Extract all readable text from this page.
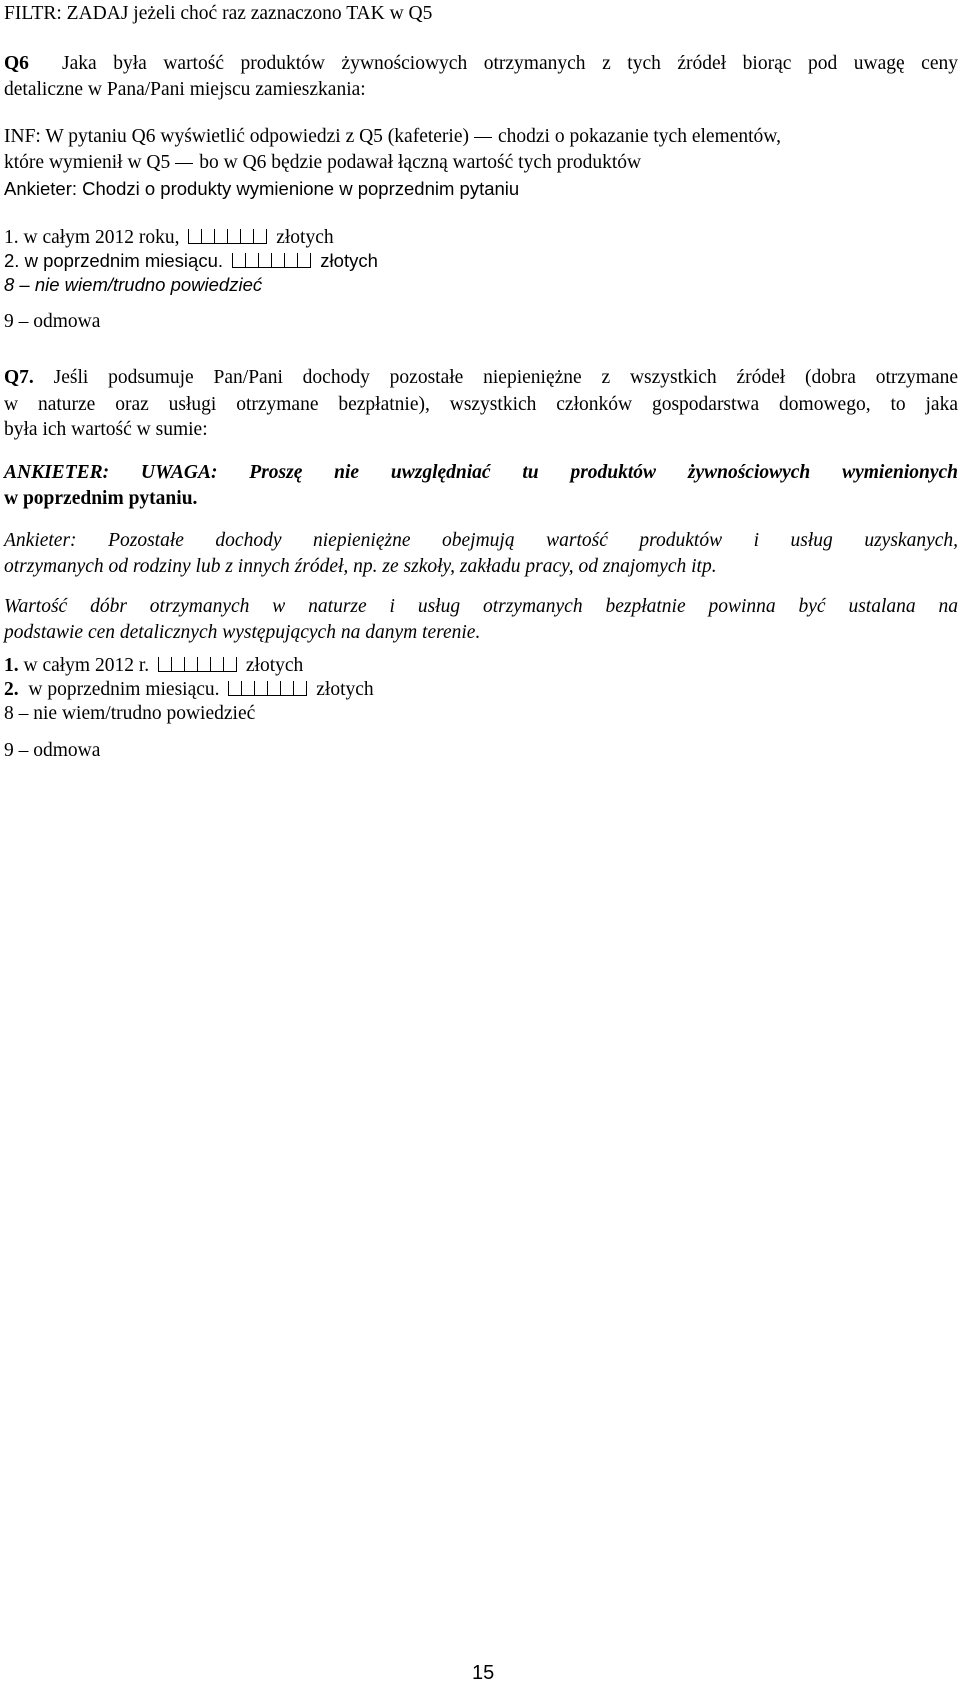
FILTR: ZADAJ jeżeli choć raz zaznaczono TAK w Q5
Q6 Jaka była wartość produktów żywnościowych otrzymanych z tych źródeł biorąc pod uwagę ceny
detaliczne w Pana/Pani miejscu zamieszkania:
INF: W pytaniu Q6 wyświetlić odpowiedzi z Q5 (kafeterie) chodzi o pokazanie tych elementów,
które wymienił w Q5 bo w Q6 będzie podawał łączną wartość tych produktów
Ankieter: Chodzi o produkty wymienione w poprzednim pytaniu
1. w całym 2012 roku,	złotych
2. w poprzednim miesiącu.	złotych
8 – nie wiem/trudno powiedzieć
9 – odmowa
Q7. Jeśli podsumuje Pan/Pani dochody pozostałe niepieniężne z wszystkich źródeł (dobra otrzymane
w naturze oraz usługi otrzymane bezpłatnie), wszystkich członków gospodarstwa domowego, to jaka
była ich wartość w sumie:
ANKIETER: UWAGA: Proszę nie uwzględniać tu produktów żywnościowych wymienionych
w poprzednim pytaniu.
Ankieter: Pozostałe dochody niepieniężne obejmują wartość produktów i usług uzyskanych,
otrzymanych od rodziny lub z innych źródeł, np. ze szkoły, zakładu pracy, od znajomych itp.
Wartość dóbr otrzymanych w naturze i usług otrzymanych bezpłatnie powinna być ustalana na
podstawie cen detalicznych występujących na danym terenie.
1. w całym 2012 r.	złotych
2. w poprzednim miesiącu.	złotych
8 – nie wiem/trudno powiedzieć
9 – odmowa
15
